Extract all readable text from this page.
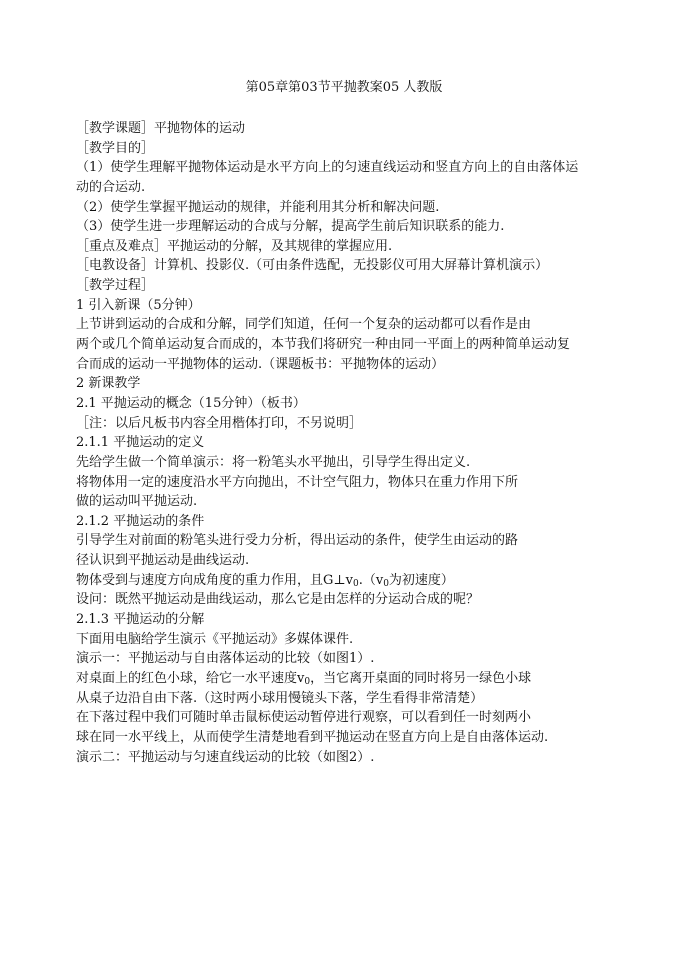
第05章第03节平抛教案05 人教版
［教学课题］平抛物体的运动
［教学目的］
（1）使学生理解平抛物体运动是水平方向上的匀速直线运动和竖直方向上的自由落体运
动的合运动.
（2）使学生掌握平抛运动的规律，并能利用其分析和解决问题.
（3）使学生进一步理解运动的合成与分解，提高学生前后知识联系的能力.
［重点及难点］平抛运动的分解，及其规律的掌握应用.
［电教设备］计算机、投影仪.（可由条件选配，无投影仪可用大屏幕计算机演示）
［教学过程］
1 引入新课（5分钟）
上节讲到运动的合成和分解，同学们知道，任何一个复杂的运动都可以看作是由
两个或几个简单运动复合而成的，本节我们将研究一种由同一平面上的两种简单运动复
合而成的运动一平抛物体的运动.（课题板书：平抛物体的运动）
2 新课教学
2.1 平抛运动的概念（15分钟）（板书）
［注：以后凡板书内容全用楷体打印，不另说明］
2.1.1 平抛运动的定义
先给学生做一个简单演示：将一粉笔头水平抛出，引导学生得出定义.
将物体用一定的速度沿水平方向抛出，不计空气阻力，物体只在重力作用下所
做的运动叫平抛运动.
2.1.2 平抛运动的条件
引导学生对前面的粉笔头进行受力分析，得出运动的条件，使学生由运动的路
径认识到平抛运动是曲线运动.
物体受到与速度方向成角度的重力作用，且$G\perp v_0.(v_0$为初速度）
设问：既然平抛运动是曲线运动，那么它是由怎样的分运动合成的呢？
2.1.3 平抛运动的分解
下面用电脑给学生演示《平抛运动》多媒体课件.
演示一：平抛运动与自由落体运动的比较（如图1）.
对桌面上的红色小球，给它一水平速度$v_0$，当它离开桌面的同时将另一绿色小球
从桌子边沿自由下落.（这时两小球用慢镜头下落，学生看得非常清楚）
在下落过程中我们可随时单击鼠标使运动暂停进行观察，可以看到任一时刻两小
球在同一水平线上，从而使学生清楚地看到平抛运动在竖直方向上是自由落体运动.
演示二：平抛运动与匀速直线运动的比较（如图2）.
